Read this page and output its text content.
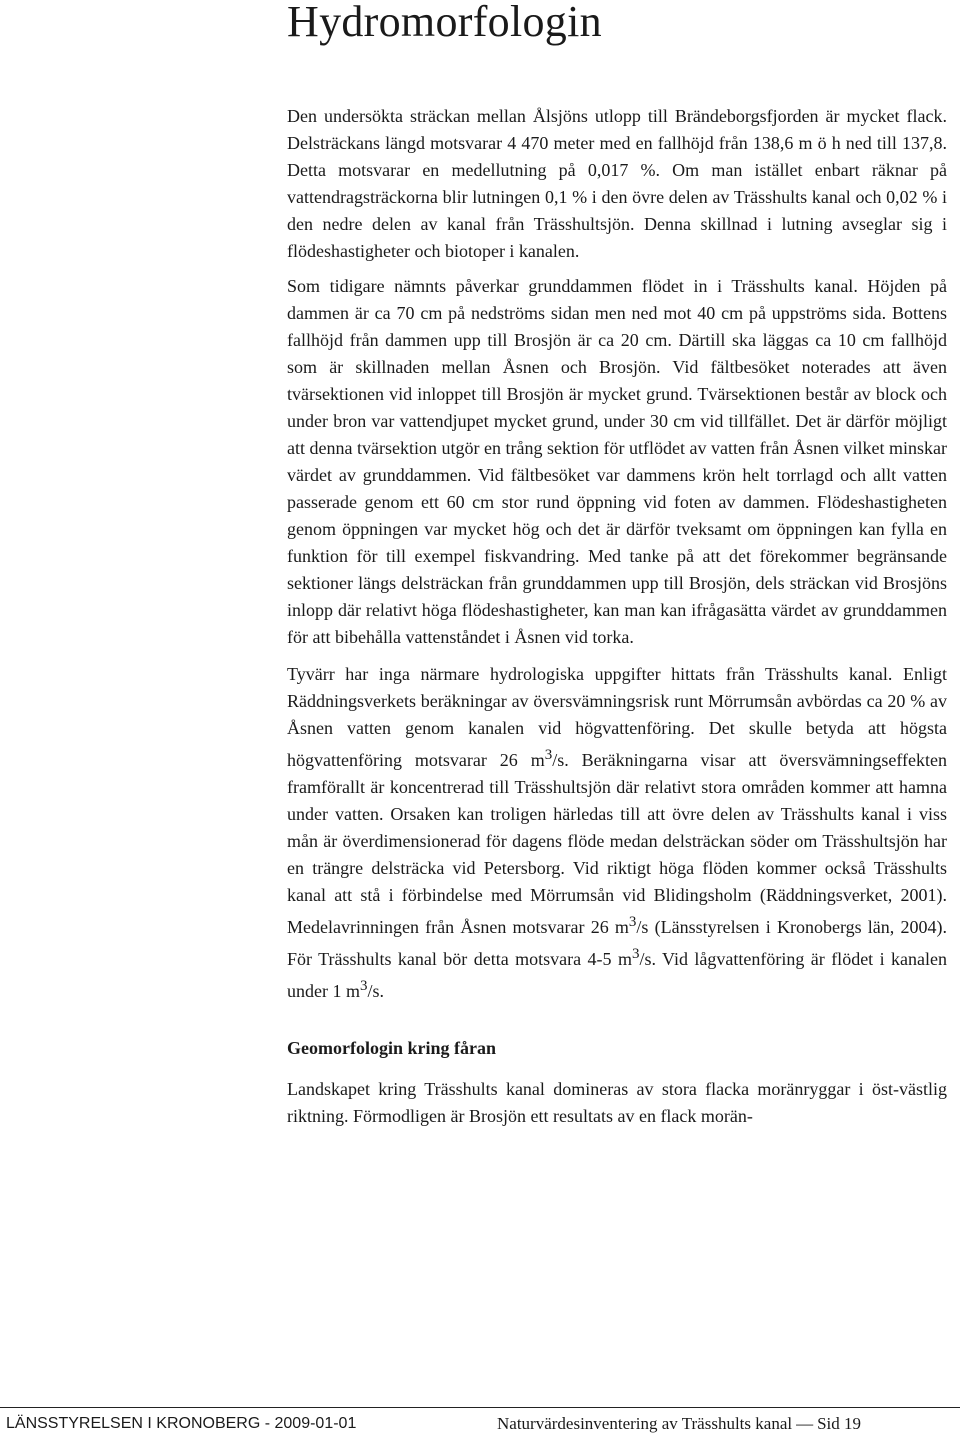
Hydromorfologin

Den undersökta sträckan mellan Ålsjöns utlopp till Brändeborgsfjorden är mycket flack. Delsträckans längd motsvarar 4 470 meter med en fallhöjd från 138,6 m ö h ned till 137,8. Detta motsvarar en medellutning på 0,017 %. Om man istället enbart räknar på vattendragsträckorna blir lutningen 0,1 % i den övre delen av Trässhults kanal och 0,02 % i den nedre delen av kanal från Trässhultsjön. Denna skillnad i lutning avseglar sig i flödeshastigheter och biotoper i kanalen.

Som tidigare nämnts påverkar grunddammen flödet in i Trässhults kanal. Höjden på dammen är ca 70 cm på nedströms sidan men ned mot 40 cm på uppströms sida. Bottens fallhöjd från dammen upp till Brosjön är ca 20 cm. Därtill ska läggas ca 10 cm fallhöjd som är skillnaden mellan Åsnen och Brosjön. Vid fältbesöket noterades att även tvärsektionen vid inloppet till Brosjön är mycket grund. Tvärsektionen består av block och under bron var vattendjupet mycket grund, under 30 cm vid tillfället. Det är därför möjligt att denna tvärsektion utgör en trång sektion för utflödet av vatten från Åsnen vilket minskar värdet av grunddammen. Vid fältbesöket var dammens krön helt torrlagd och allt vatten passerade genom ett 60 cm stor rund öppning vid foten av dammen. Flödeshastigheten genom öppningen var mycket hög och det är därför tveksamt om öppningen kan fylla en funktion för till exempel fiskvandring. Med tanke på att det förekommer begränsande sektioner längs delsträckan från grunddammen upp till Brosjön, dels sträckan vid Brosjöns inlopp där relativt höga flödeshastigheter, kan man kan ifrågasätta värdet av grunddammen för att bibehålla vattenståndet i Åsnen vid torka.

Tyvärr har inga närmare hydrologiska uppgifter hittats från Trässhults kanal. Enligt Räddningsverkets beräkningar av översvämningsrisk runt Mörrumsån avbördas ca 20 % av Åsnen vatten genom kanalen vid högvattenföring. Det skulle betyda att högsta högvattenföring motsvarar 26 $m^3/s$. Beräkningarna visar att översvämningseffekten framförallt är koncentrerad till Trässhultsjön där relativt stora områden kommer att hamna under vatten. Orsaken kan troligen härledas till att övre delen av Trässhults kanal i viss mån är överdimensionerad för dagens flöde medan delsträckan söder om Trässhultsjön har en trängre delsträcka vid Petersborg. Vid riktigt höga flöden kommer också Trässhults kanal att stå i förbindelse med Mörrumsån vid Blidingsholm (Räddningsverket, 2001). Medelavrinningen från Åsnen motsvarar 26 $m^3/s$ (Länsstyrelsen i Kronobergs län, 2004). För Trässhults kanal bör detta motsvara 4-5 $m^3/s$. Vid lågvattenföring är flödet i kanalen under 1 $m^3/s$.

Geomorfologin kring fåran

Landskapet kring Trässhults kanal domineras av stora flacka moränryggar i öst-västlig riktning. Förmodligen är Brosjön ett resultats av en flack morän-

LÄNSSTYRELSEN I KRONOBERG - 2009-01-01	Naturvärdesinventering av Trässhults kanal — Sid 19
